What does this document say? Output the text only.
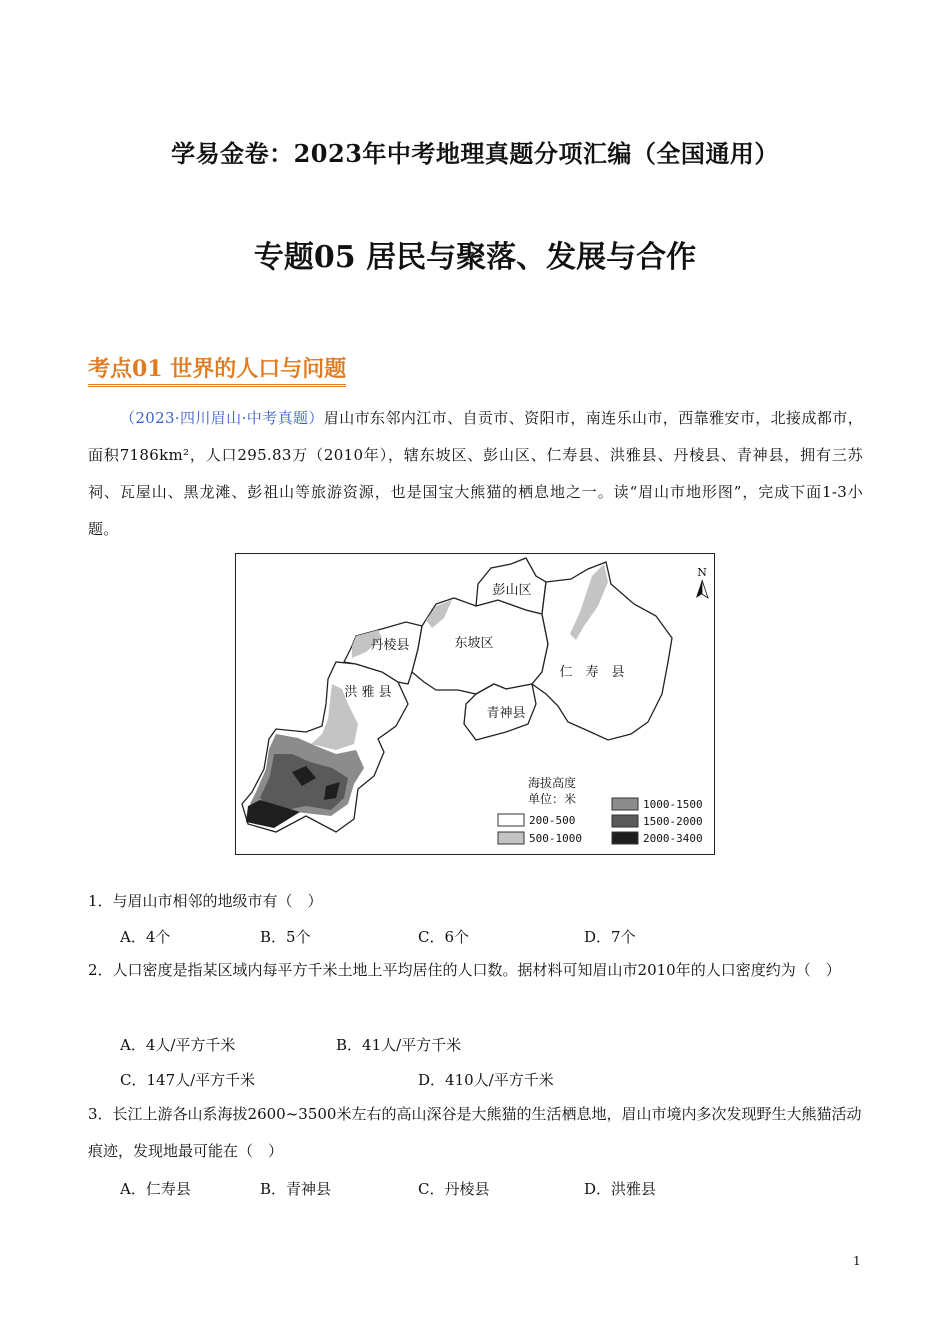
学易金卷：2023年中考地理真题分项汇编（全国通用）
专题05 居民与聚落、发展与合作
考点01 世界的人口与问题
（2023·四川眉山·中考真题）眉山市东邻内江市、自贡市、资阳市，南连乐山市，西靠雅安市，北接成都市，面积7186km²，人口295.83万（2010年），辖东坡区、彭山区、仁寿县、洪雅县、丹棱县、青神县，拥有三苏祠、瓦屋山、黑龙滩、彭祖山等旅游资源，也是国宝大熊猫的栖息地之一。读“眉山市地形图”，完成下面1-3小题。
彭山区
东坡区
丹棱县
洪 雅 县
青神县
仁　寿　县
N
海拔高度
单位：米
200-500
500-1000
1000-1500
1500-2000
2000-3400
1．与眉山市相邻的地级市有（　）
A．4个	B．5个	C．6个	D．7个
2．人口密度是指某区域内每平方千米土地上平均居住的人口数。据材料可知眉山市2010年的人口密度约为（　）
A．4人/平方千米	B．41人/平方千米
C．147人/平方千米	D．410人/平方千米
3．长江上游各山系海拔2600~3500米左右的高山深谷是大熊猫的生活栖息地，眉山市境内多次发现野生大熊猫活动痕迹，发现地最可能在（　）
A．仁寿县	B．青神县	C．丹棱县	D．洪雅县
1
